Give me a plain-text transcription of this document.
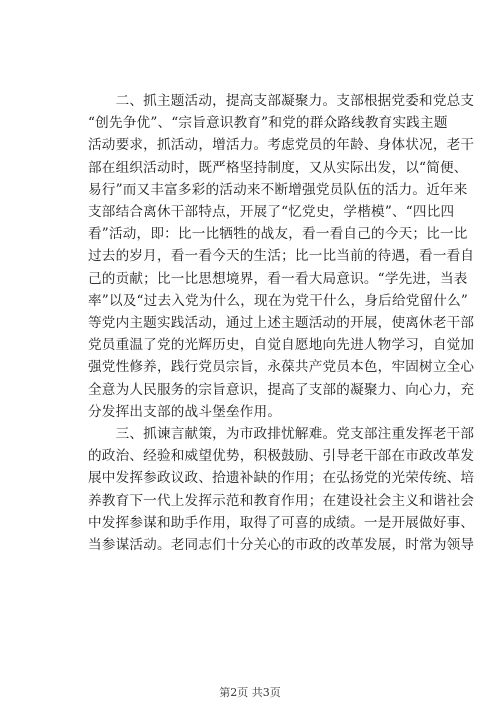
　　二、抓主题活动，提高支部凝聚力。支部根据党委和党总支
“创先争优”、“宗旨意识教育”和党的群众路线教育实践主题
活动要求，抓活动，增活力。考虑党员的年龄、身体状况，老干
部在组织活动时，既严格坚持制度，又从实际出发，以“简便、
易行”而又丰富多彩的活动来不断增强党员队伍的活力。近年来
支部结合离休干部特点，开展了“忆党史，学楷模”、“四比四
看”活动，即：比一比牺牲的战友，看一看自己的今天；比一比
过去的岁月，看一看今天的生活；比一比当前的待遇，看一看自
己的贡献；比一比思想境界，看一看大局意识。“学先进，当表
率”以及“过去入党为什么，现在为党干什么，身后给党留什么”
等党内主题实践活动，通过上述主题活动的开展，使离休老干部
党员重温了党的光辉历史，自觉自愿地向先进人物学习，自觉加
强党性修养，践行党员宗旨，永葆共产党员本色，牢固树立全心
全意为人民服务的宗旨意识，提高了支部的凝聚力、向心力，充
分发挥出支部的战斗堡垒作用。

　　三、抓谏言献策，为市政排忧解难。党支部注重发挥老干部
的政治、经验和威望优势，积极鼓励、引导老干部在市政改革发
展中发挥参政议政、拾遗补缺的作用；在弘扬党的光荣传统、培
养教育下一代上发挥示范和教育作用；在建设社会主义和谐社会
中发挥参谋和助手作用，取得了可喜的成绩。一是开展做好事、
当参谋活动。老同志们十分关心的市政的改革发展，时常为领导

第2页 共3页
